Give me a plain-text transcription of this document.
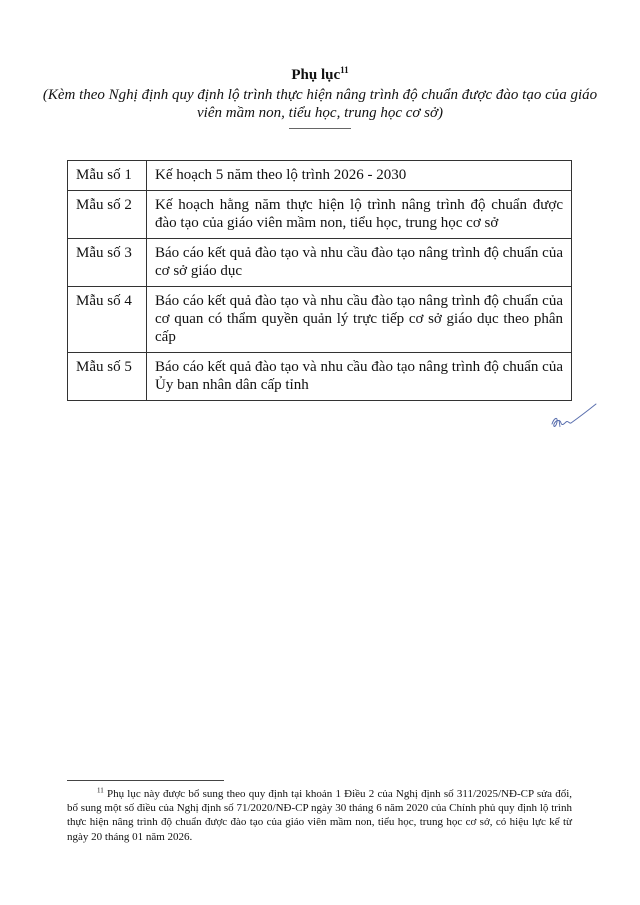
Phụ lục$^{11}$
(Kèm theo Nghị định quy định lộ trình thực hiện nâng trình độ chuẩn được đào tạo của giáo viên mầm non, tiểu học, trung học cơ sở)
Mẫu số 1	Kế hoạch 5 năm theo lộ trình 2026 - 2030
Mẫu số 2	Kế hoạch hằng năm thực hiện lộ trình nâng trình độ chuẩn được đào tạo của giáo viên mầm non, tiểu học, trung học cơ sở
Mẫu số 3	Báo cáo kết quả đào tạo và nhu cầu đào tạo nâng trình độ chuẩn của cơ sở giáo dục
Mẫu số 4	Báo cáo kết quả đào tạo và nhu cầu đào tạo nâng trình độ chuẩn của cơ quan có thẩm quyền quản lý trực tiếp cơ sở giáo dục theo phân cấp
Mẫu số 5	Báo cáo kết quả đào tạo và nhu cầu đào tạo nâng trình độ chuẩn của Ủy ban nhân dân cấp tỉnh
$^{11}$ Phụ lục này được bổ sung theo quy định tại khoản 1 Điều 2 của Nghị định số 311/2025/NĐ-CP sửa đổi, bổ sung một số điều của Nghị định số 71/2020/NĐ-CP ngày 30 tháng 6 năm 2020 của Chính phủ quy định lộ trình thực hiện nâng trình độ chuẩn được đào tạo của giáo viên mầm non, tiểu học, trung học cơ sở, có hiệu lực kể từ ngày 20 tháng 01 năm 2026.
